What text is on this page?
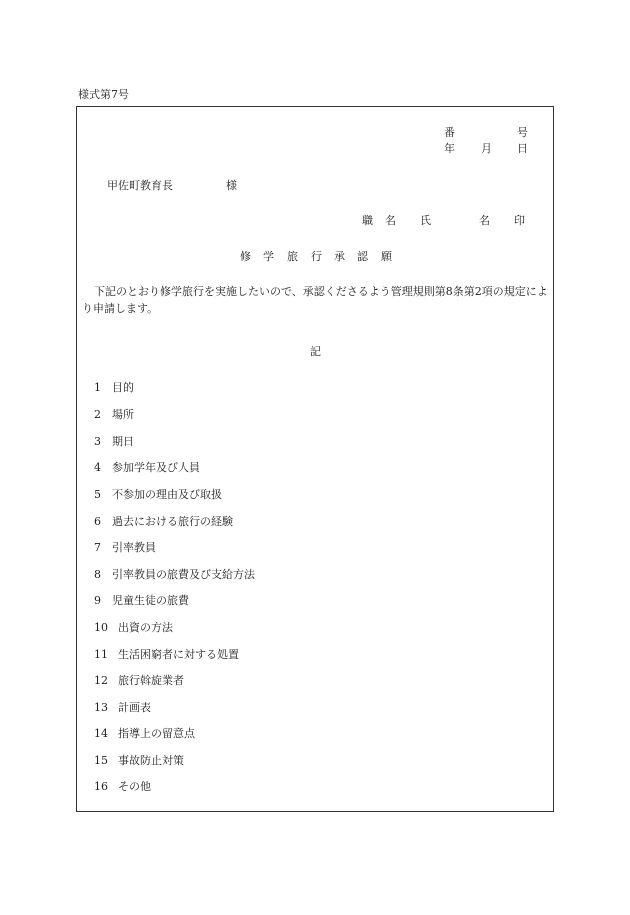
様式第7号
番	号
年 月 日
甲佐町教育長	様
職 名 氏	名 印
修 学 旅 行 承 認 願
下記のとおり修学旅行を実施したいので、承認くださるよう管理規則第8条第2項の規定により申請します。
記
1 目的
2 場所
3 期日
4 参加学年及び人員
5 不参加の理由及び取扱
6 過去における旅行の経験
7 引率教員
8 引率教員の旅費及び支給方法
9 児童生徒の旅費
10 出資の方法
11 生活困窮者に対する処置
12 旅行斡旋業者
13 計画表
14 指導上の留意点
15 事故防止対策
16 その他
